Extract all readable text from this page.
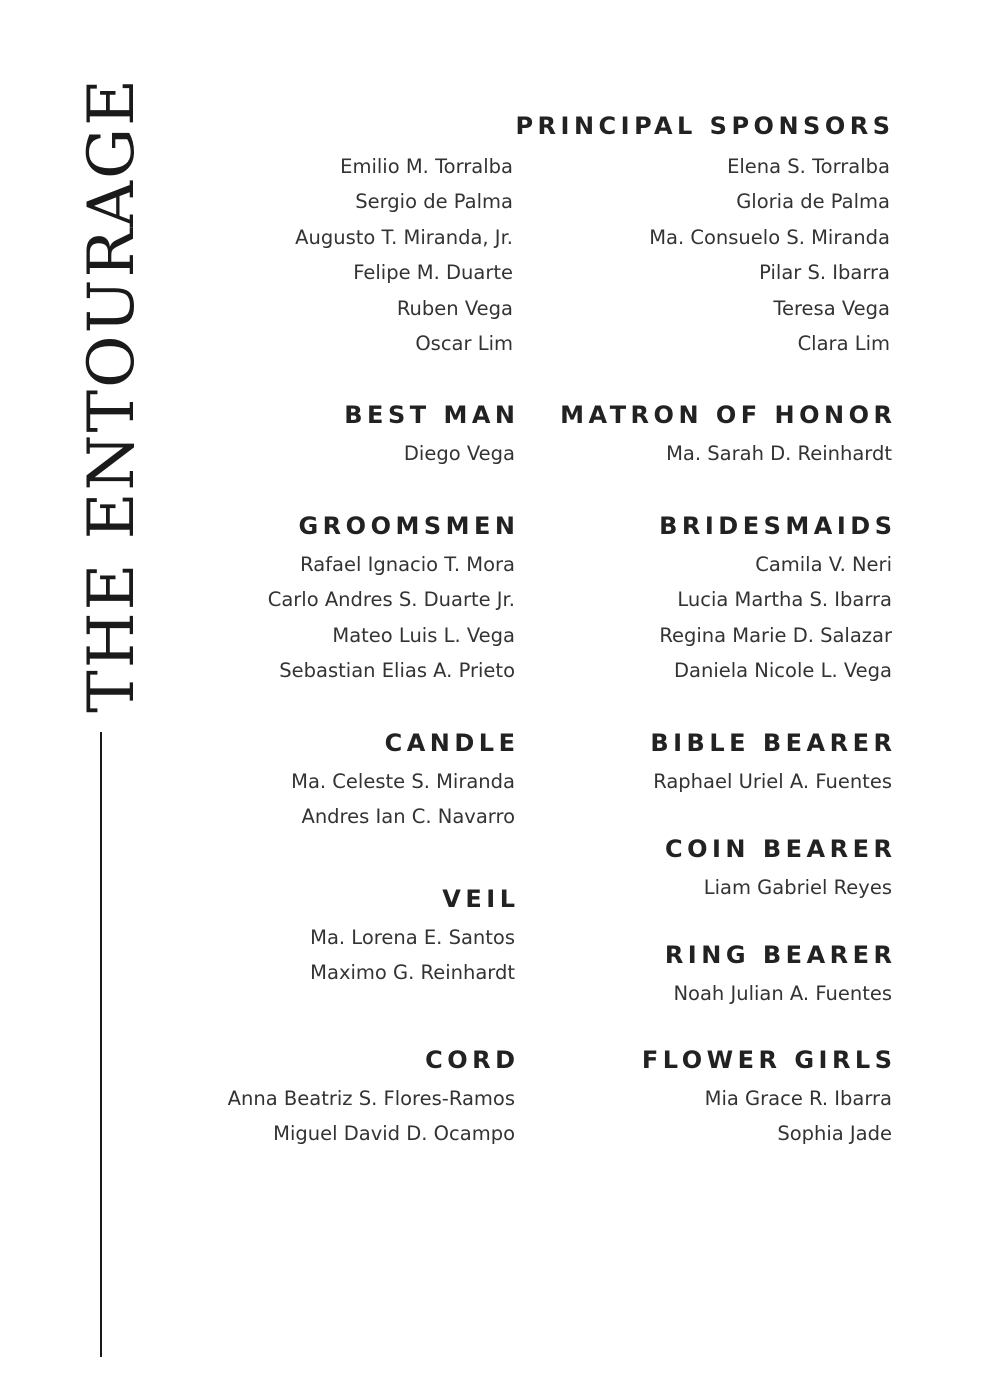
THE ENTOURAGE	PRINCIPAL SPONSORS
Emilio M. Torralba
Sergio de Palma
Augusto T. Miranda, Jr.
Felipe M. Duarte
Ruben Vega
Oscar Lim
Elena S. Torralba
Gloria de Palma
Ma. Consuelo S. Miranda
Pilar S. Ibarra
Teresa Vega
Clara Lim
BEST MAN
Diego Vega
MATRON OF HONOR
Ma. Sarah D. Reinhardt
GROOMSMEN
Rafael Ignacio T. Mora
Carlo Andres S. Duarte Jr.
Mateo Luis L. Vega
Sebastian Elias A. Prieto
BRIDESMAIDS
Camila V. Neri
Lucia Martha S. Ibarra
Regina Marie D. Salazar
Daniela Nicole L. Vega
CANDLE
Ma. Celeste S. Miranda
Andres Ian C. Navarro
BIBLE BEARER
Raphael Uriel A. Fuentes
COIN BEARER
Liam Gabriel Reyes
VEIL
Ma. Lorena E. Santos
Maximo G. Reinhardt
RING BEARER
Noah Julian A. Fuentes
CORD
Anna Beatriz S. Flores-Ramos
Miguel David D. Ocampo
FLOWER GIRLS
Mia Grace R. Ibarra
Sophia Jade
